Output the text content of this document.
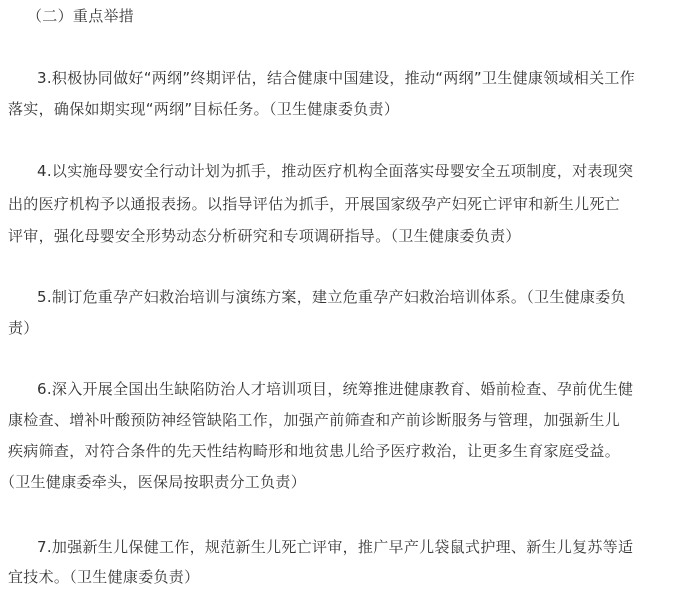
（二）重点举措
3.积极协同做好“两纲”终期评估，结合健康中国建设，推动“两纲”卫生健康领域相关工作
落实，确保如期实现“两纲”目标任务。（卫生健康委负责）
4.以实施母婴安全行动计划为抓手，推动医疗机构全面落实母婴安全五项制度，对表现突
出的医疗机构予以通报表扬。以指导评估为抓手，开展国家级孕产妇死亡评审和新生儿死亡
评审，强化母婴安全形势动态分析研究和专项调研指导。（卫生健康委负责）
5.制订危重孕产妇救治培训与演练方案，建立危重孕产妇救治培训体系。（卫生健康委负
责）
6.深入开展全国出生缺陷防治人才培训项目，统筹推进健康教育、婚前检查、孕前优生健
康检查、增补叶酸预防神经管缺陷工作，加强产前筛查和产前诊断服务与管理，加强新生儿
疾病筛查，对符合条件的先天性结构畸形和地贫患儿给予医疗救治，让更多生育家庭受益。
（卫生健康委牵头，医保局按职责分工负责）
7.加强新生儿保健工作，规范新生儿死亡评审，推广早产儿袋鼠式护理、新生儿复苏等适
宜技术。（卫生健康委负责）
